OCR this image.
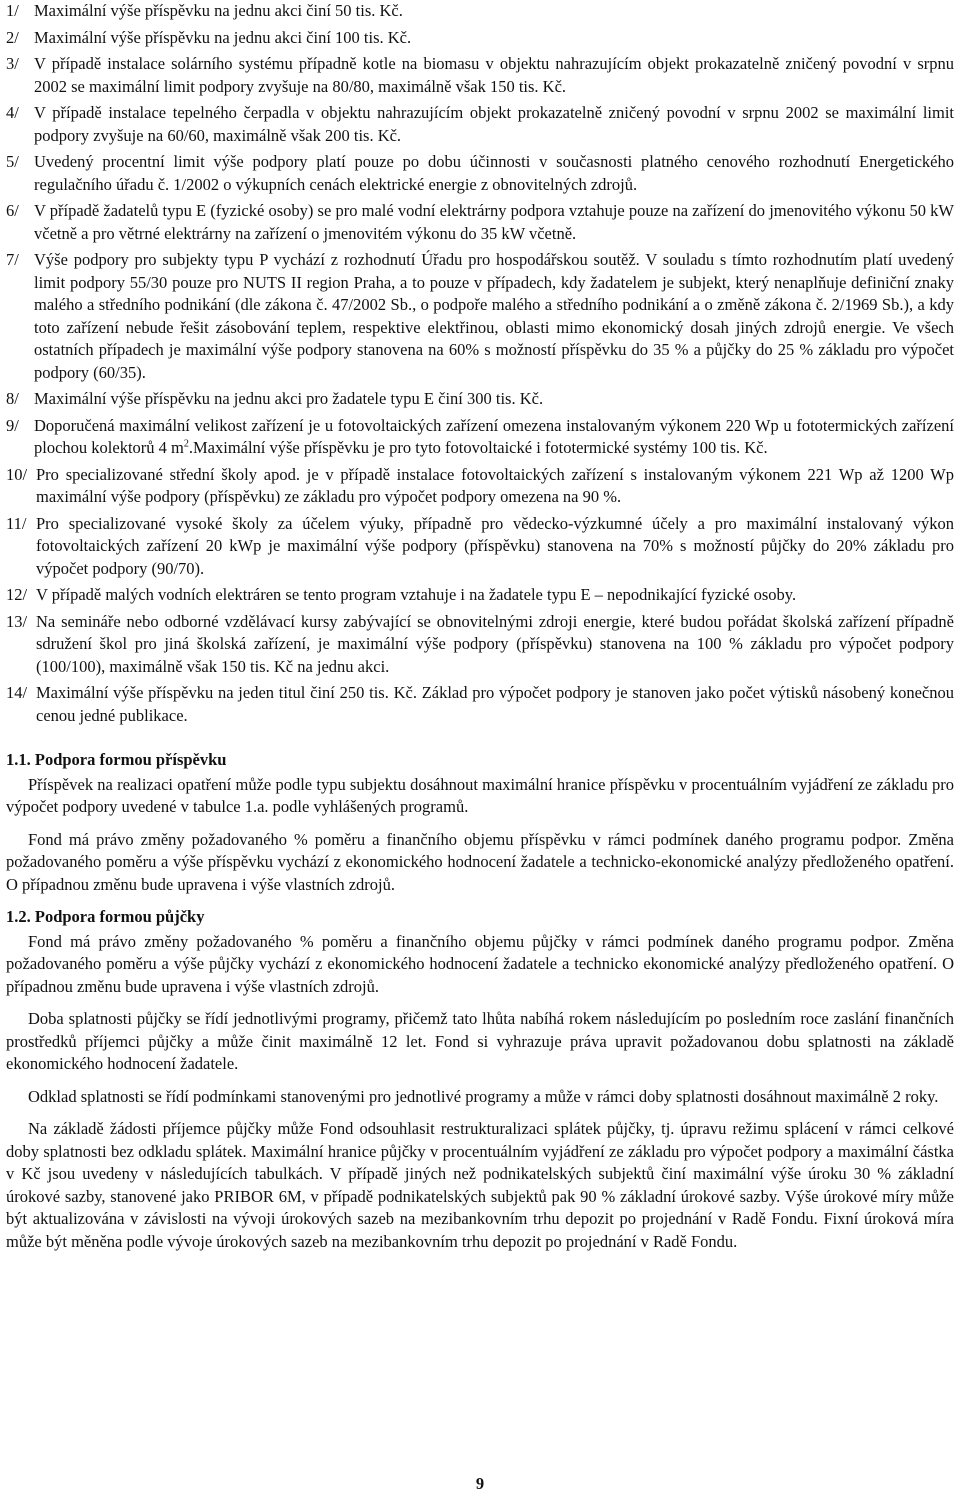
1/ Maximální výše příspěvku na jednu akci činí 50 tis. Kč.
2/ Maximální výše příspěvku na jednu akci činí 100 tis. Kč.
3/ V případě instalace solárního systému případně kotle na biomasu v objektu nahrazujícím objekt prokazatelně zničený povodní v srpnu 2002 se maximální limit podpory zvyšuje na 80/80, maximálně však 150 tis. Kč.
4/ V případě instalace tepelného čerpadla v objektu nahrazujícím objekt prokazatelně zničený povodní v srpnu 2002 se maximální limit podpory zvyšuje na 60/60, maximálně však 200 tis. Kč.
5/ Uvedený procentní limit výše podpory platí pouze po dobu účinnosti v současnosti platného cenového rozhodnutí Energetického regulačního úřadu č. 1/2002 o výkupních cenách elektrické energie z obnovitelných zdrojů.
6/ V případě žadatelů typu E (fyzické osoby) se pro malé vodní elektrárny podpora vztahuje pouze na zařízení do jmenovitého výkonu 50 kW včetně a pro větrné elektrárny na zařízení o jmenovitém výkonu do 35 kW včetně.
7/ Výše podpory pro subjekty typu P vychází z rozhodnutí Úřadu pro hospodářskou soutěž. V souladu s tímto rozhodnutím platí uvedený limit podpory 55/30 pouze pro NUTS II region Praha, a to pouze v případech, kdy žadatelem je subjekt, který nenaplňuje definiční znaky malého a středního podnikání (dle zákona č. 47/2002 Sb., o podpoře malého a středního podnikání a o změně zákona č. 2/1969 Sb.), a kdy toto zařízení nebude řešit zásobování teplem, respektive elektřinou, oblasti mimo ekonomický dosah jiných zdrojů energie. Ve všech ostatních případech je maximální výše podpory stanovena na 60% s možností příspěvku do 35 % a půjčky do 25 % základu pro výpočet podpory (60/35).
8/ Maximální výše příspěvku na jednu akci pro žadatele typu E činí 300 tis. Kč.
9/ Doporučená maximální velikost zařízení je u fotovoltaických zařízení omezena instalovaným výkonem 220 Wp u fototermických zařízení plochou kolektorů 4 $m^2.Maximá\ln í$ výše příspěvku je pro tyto fotovoltaické i fototermické systémy 100 tis. Kč.
10/ Pro specializované střední školy apod. je v případě instalace fotovoltaických zařízení s instalovaným výkonem 221 Wp až 1200 Wp maximální výše podpory (příspěvku) ze základu pro výpočet podpory omezena na 90 %.
11/ Pro specializované vysoké školy za účelem výuky, případně pro vědecko-výzkumné účely a pro maximální instalovaný výkon fotovoltaických zařízení 20 kWp je maximální výše podpory (příspěvku) stanovena na 70% s možností půjčky do 20% základu pro výpočet podpory (90/70).
12/ V případě malých vodních elektráren se tento program vztahuje i na žadatele typu E – nepodnikající fyzické osoby.
13/ Na semináře nebo odborné vzdělávací kursy zabývající se obnovitelnými zdroji energie, které budou pořádat školská zařízení případně sdružení škol pro jiná školská zařízení, je maximální výše podpory (příspěvku) stanovena na 100 % základu pro výpočet podpory (100/100), maximálně však 150 tis. Kč na jednu akci.
14/ Maximální výše příspěvku na jeden titul činí 250 tis. Kč. Základ pro výpočet podpory je stanoven jako počet výtisků násobený konečnou cenou jedné publikace.
1.1. Podpora formou příspěvku

Příspěvek na realizaci opatření může podle typu subjektu dosáhnout maximální hranice příspěvku v procentuálním vyjádření ze základu pro výpočet podpory uvedené v tabulce 1.a. podle vyhlášených programů.

Fond má právo změny požadovaného % poměru a finančního objemu příspěvku v rámci podmínek daného programu podpor. Změna požadovaného poměru a výše příspěvku vychází z ekonomického hodnocení žadatele a technicko-ekonomické analýzy předloženého opatření. O případnou změnu bude upravena i výše vlastních zdrojů.

1.2. Podpora formou půjčky

Fond má právo změny požadovaného % poměru a finančního objemu půjčky v rámci podmínek daného programu podpor. Změna požadovaného poměru a výše půjčky vychází z ekonomického hodnocení žadatele a technicko ekonomické analýzy předloženého opatření. O případnou změnu bude upravena i výše vlastních zdrojů.

Doba splatnosti půjčky se řídí jednotlivými programy, přičemž tato lhůta nabíhá rokem následujícím po posledním roce zaslání finančních prostředků příjemci půjčky a může činit maximálně 12 let. Fond si vyhrazuje práva upravit požadovanou dobu splatnosti na základě ekonomického hodnocení žadatele.

Odklad splatnosti se řídí podmínkami stanovenými pro jednotlivé programy a může v rámci doby splatnosti dosáhnout maximálně 2 roky.

Na základě žádosti příjemce půjčky může Fond odsouhlasit restrukturalizaci splátek půjčky, tj. úpravu režimu splácení v rámci celkové doby splatnosti bez odkladu splátek. Maximální hranice půjčky v procentuálním vyjádření ze základu pro výpočet podpory a maximální částka v Kč jsou uvedeny v následujících tabulkách. V případě jiných než podnikatelských subjektů činí maximální výše úroku 30 % základní úrokové sazby, stanovené jako PRIBOR 6M, v případě podnikatelských subjektů pak 90 % základní úrokové sazby. Výše úrokové míry může být aktualizována v závislosti na vývoji úrokových sazeb na mezibankovním trhu depozit po projednání v Radě Fondu. Fixní úroková míra může být měněna podle vývoje úrokových sazeb na mezibankovním trhu depozit po projednání v Radě Fondu.

9
